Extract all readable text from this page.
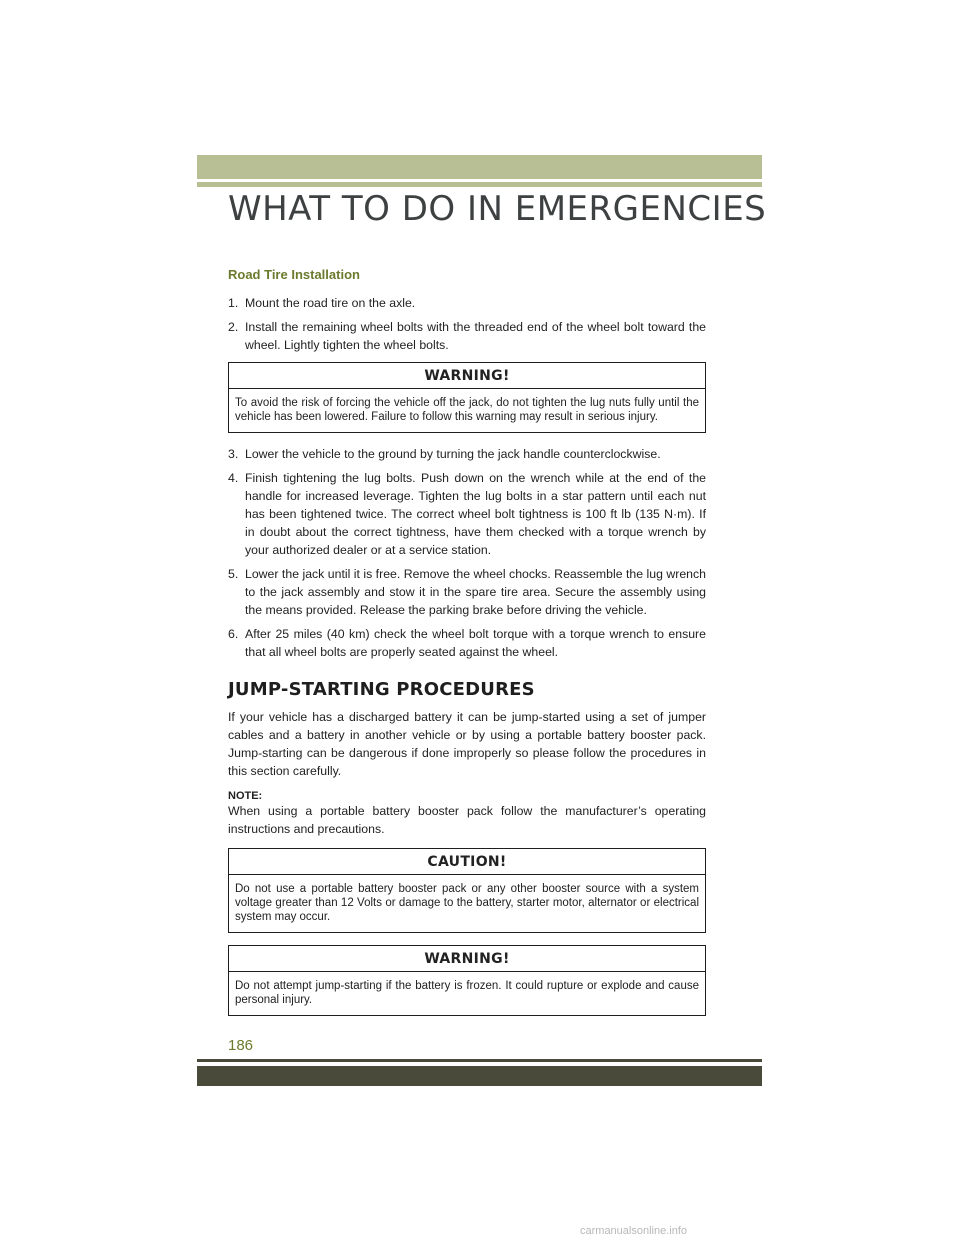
WHAT TO DO IN EMERGENCIES
Road Tire Installation
1. Mount the road tire on the axle.
2. Install the remaining wheel bolts with the threaded end of the wheel bolt toward the wheel. Lightly tighten the wheel bolts.
WARNING!
To avoid the risk of forcing the vehicle off the jack, do not tighten the lug nuts fully until the vehicle has been lowered. Failure to follow this warning may result in serious injury.
3. Lower the vehicle to the ground by turning the jack handle counterclockwise.
4. Finish tightening the lug bolts. Push down on the wrench while at the end of the handle for increased leverage. Tighten the lug bolts in a star pattern until each nut has been tightened twice. The correct wheel bolt tightness is 100 ft lb (135 N·m). If in doubt about the correct tightness, have them checked with a torque wrench by your authorized dealer or at a service station.
5. Lower the jack until it is free. Remove the wheel chocks. Reassemble the lug wrench to the jack assembly and stow it in the spare tire area. Secure the assembly using the means provided. Release the parking brake before driving the vehicle.
6. After 25 miles (40 km) check the wheel bolt torque with a torque wrench to ensure that all wheel bolts are properly seated against the wheel.
JUMP-STARTING PROCEDURES

If your vehicle has a discharged battery it can be jump-started using a set of jumper cables and a battery in another vehicle or by using a portable battery booster pack. Jump-starting can be dangerous if done improperly so please follow the procedures in this section carefully.

NOTE:

When using a portable battery booster pack follow the manufacturer’s operating instructions and precautions.

CAUTION!
Do not use a portable battery booster pack or any other booster source with a system voltage greater than 12 Volts or damage to the battery, starter motor, alternator or electrical system may occur.
WARNING!
Do not attempt jump-starting if the battery is frozen. It could rupture or explode and cause personal injury.
186
carmanualsonline.info
